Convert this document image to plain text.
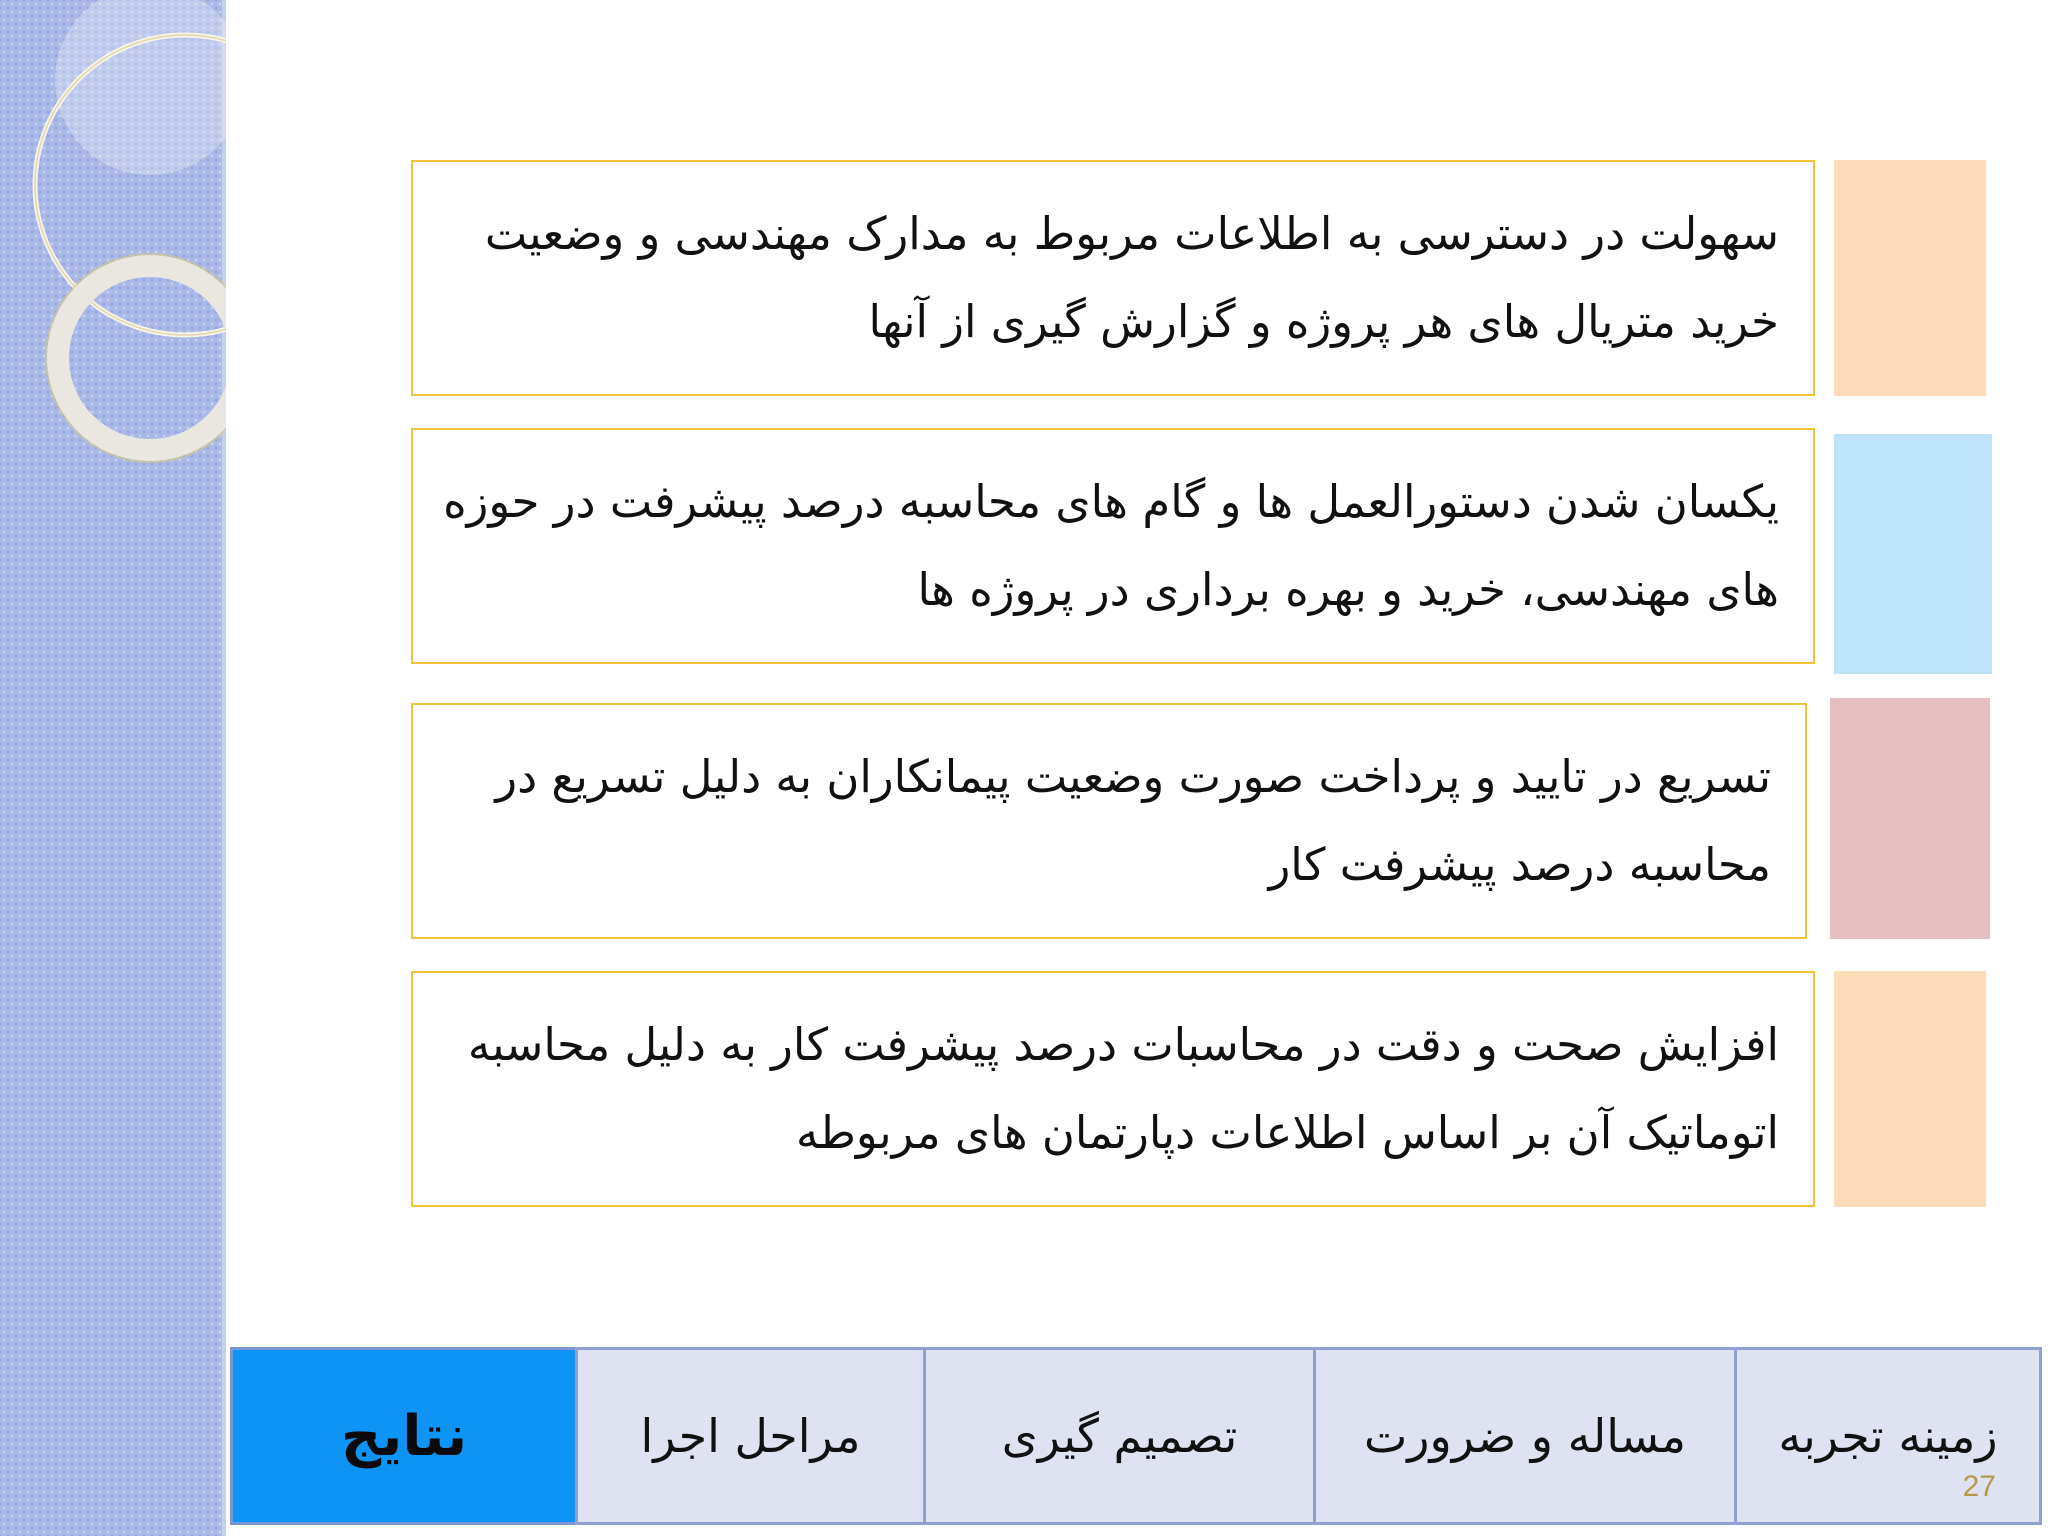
سهولت در دسترسی به اطلاعات مربوط به مدارک مهندسی و وضعیت خرید متریال های هر پروژه و گزارش گیری از آنها
یکسان شدن دستورالعمل ها و گام های محاسبه درصد پیشرفت در حوزه های مهندسی، خرید و بهره برداری در پروژه ها
تسریع در تایید و پرداخت صورت وضعیت پیمانکاران به دلیل تسریع در محاسبه درصد پیشرفت کار
افزایش صحت و دقت در محاسبات درصد پیشرفت کار به دلیل محاسبه اتوماتیک آن بر اساس اطلاعات دپارتمان های مربوطه
نتایج	مراحل اجرا	تصمیم گیری	مساله و ضرورت زمینه تجربه
27
